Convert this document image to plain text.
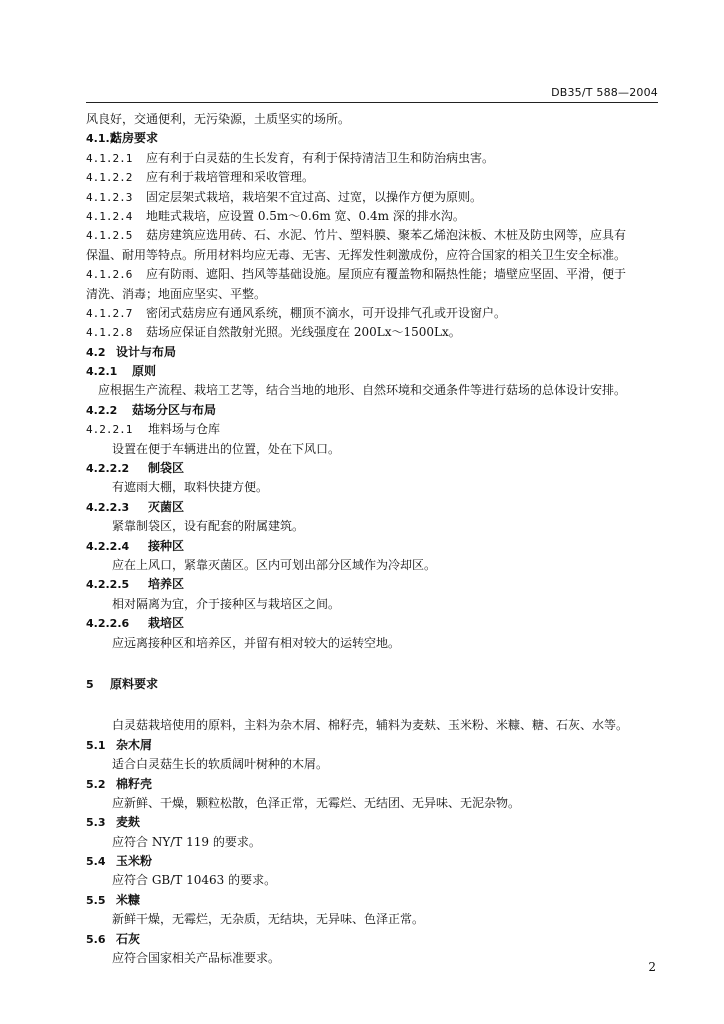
DB35/T 588—2004
风良好，交通便利，无污染源，土质坚实的场所。
4.1.2菇房要求
4.1.2.1 应有利于白灵菇的生长发育，有利于保持清洁卫生和防治病虫害。
4.1.2.2 应有利于栽培管理和采收管理。
4.1.2.3 固定层架式栽培，栽培架不宜过高、过宽，以操作方便为原则。
4.1.2.4 地畦式栽培，应设置 0.5m～0.6m 宽、0.4m 深的排水沟。
4.1.2.5 菇房建筑应选用砖、石、水泥、竹片、塑料膜、聚苯乙烯泡沫板、木桩及防虫网等，应具有
保温、耐用等特点。所用材料均应无毒、无害、无挥发性刺激成份，应符合国家的相关卫生安全标准。
4.1.2.6 应有防雨、遮阳、挡风等基础设施。屋顶应有覆盖物和隔热性能；墙壁应坚固、平滑，便于
清洗、消毒；地面应坚实、平整。
4.1.2.7 密闭式菇房应有通风系统，棚顶不滴水，可开设排气孔或开设窗户。
4.1.2.8 菇场应保证自然散射光照。光线强度在 200Lx～1500Lx。
4.2 设计与布局
4.2.1 原则
应根据生产流程、栽培工艺等，结合当地的地形、自然环境和交通条件等进行菇场的总体设计安排。
4.2.2 菇场分区与布局
4.2.2.1 堆料场与仓库
设置在便于车辆进出的位置，处在下风口。
4.2.2.2 制袋区
有遮雨大棚，取料快捷方便。
4.2.2.3 灭菌区
紧靠制袋区，设有配套的附属建筑。
4.2.2.4 接种区
应在上风口，紧靠灭菌区。区内可划出部分区域作为冷却区。
4.2.2.5 培养区
相对隔离为宜，介于接种区与栽培区之间。
4.2.2.6 栽培区
应远离接种区和培养区，并留有相对较大的运转空地。
5 原料要求
白灵菇栽培使用的原料，主料为杂木屑、棉籽壳，辅料为麦麸、玉米粉、米糠、糖、石灰、水等。
5.1 杂木屑
适合白灵菇生长的软质阔叶树种的木屑。
5.2 棉籽壳
应新鲜、干燥，颗粒松散，色泽正常，无霉烂、无结团、无异味、无泥杂物。
5.3 麦麸
应符合 NY/T 119 的要求。
5.4 玉米粉
应符合 GB/T 10463 的要求。
5.5 米糠
新鲜干燥，无霉烂，无杂质，无结块，无异味、色泽正常。
5.6 石灰
应符合国家相关产品标准要求。
2
